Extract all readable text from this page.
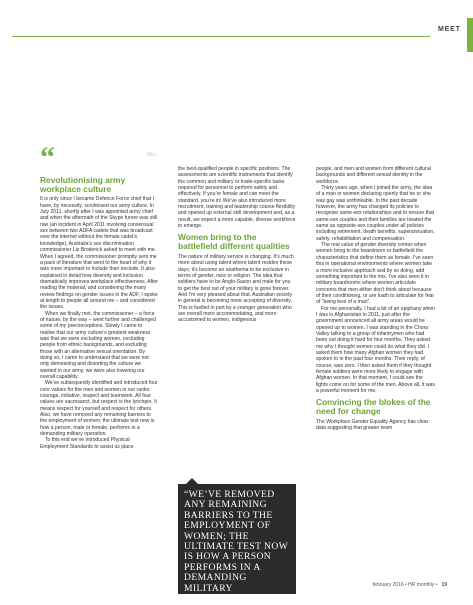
MEET
“	“Wo...
Revolutionising army workplace culture

It is only since I became Defence Force chief that I have, by necessity, scrutinised our army culture. In July 2011, shortly after I was appointed army chief and when the aftermath of the Skype furore was still raw (an incident in April 2011 involving consensual sex between two ADFA cadets that was broadcast over the internet without the female cadet’s knowledge), Australia’s sex discrimination commissioner Liz Broderick asked to meet with me. When I agreed, the commissioner promptly sent me a pack of literature that went to the heart of why it was more important to include than exclude. It also explained in detail how diversity and inclusion dramatically improves workplace effectiveness. After reading the material, and considering the many review findings on gender issues in the ADF, I spoke at length to people all around me – and considered the issues.

When we finally met, the commissioner – a force of nature, by the way – went further and challenged some of my preconceptions. Slowly I came to realise that our army culture’s greatest weakness was that we were excluding women, excluding people from ethnic backgrounds, and excluding those with an alternative sexual orientation. By doing so, I came to understand that we were not only demeaning and distorting the culture we wanted in our army, we were also lowering our overall capability.

We’ve subsequently identified and introduced four core values for the men and women in our ranks: courage, initiative, respect and teamwork. All four values are sacrosanct, but respect is the lynchpin. It means respect for yourself and respect for others. Also, we have removed any remaining barriers to the employment of women; the ultimate test now is how a person, male or female, performs in a demanding military operation.

To this end we’ve introduced Physical Employment Standards to assist us place

the best-qualified people in specific positions. The assessments are scientific instruments that identify the common and military or trade-specific tasks required for personnel to perform safely and effectively. If you’re female and can meet the standard, you’re in! We’ve also introduced more recruitment, training and leadership course flexibility and opened up external skill development and, as a result, we expect a more capable, diverse workforce to emerge.

Women bring to the battlefield different qualities

The nature of military service is changing. It’s much more about using talent where talent resides these days; it’s become an anathema to be exclusive in terms of gender, race or religion. The idea that soldiers have to be Anglo-Saxon and male for you to get the best out of your military is gone forever. And I’m very pleased about that. Australian society in general is becoming more accepting of diversity. This is fuelled in part by a younger generation who are overall more accommodating, and more accustomed to women, indigenous

“WE’VE REMOVED ANY REMAINING BARRIERS TO THE EMPLOYMENT OF WOMEN; THE ULTIMATE TEST NOW IS HOW A PERSON PERFORMS IN A DEMANDING MILITARY OPERATION.”

people, and men and women from different cultural backgrounds and different sexual identity in the workforce.

Thirty years ago, when I joined the army, the idea of a man or women declaring openly that he or she was gay was unthinkable. In the past decade however, the army has changed its policies to recognise same-sex relationships and to ensure that same-sex couples and their families are treated the same as opposite-sex couples under all policies including retirement, death benefits, superannuation, safety, rehabilitation and compensation.

The real value of gender diversity comes when women bring to the boardroom or battlefield the characteristics that define them as female. I’ve seen this in operational environments where women take a more inclusive approach and by so doing, add something important to the mix. I’ve also seen it in military boardrooms where women articulate concerns that men either don’t think about because of their conditioning, or are loath to articulate for fear of “being less of a man”.

For me personally, I had a bit of an epiphany when I was in Afghanistan in 2011, just after the government announced all army areas would be opened up to women. I was standing in the Chora Valley talking to a group of infantrymen who had been out doing it hard for four months. They asked me why I thought women could do what they did. I asked them how many Afghan women they had spoken to in the past four months. Their reply, of course, was zero. I then asked them if they thought female soldiers were more likely to engage with Afghan women. In that moment, I could see the lights come on for some of the men. Above all, it was a powerful moment for me.

Convincing the blokes of the need for change

The Workplace Gender Equality Agency has clear data suggesting that greater team

february 2016 • HR monthly • 19
